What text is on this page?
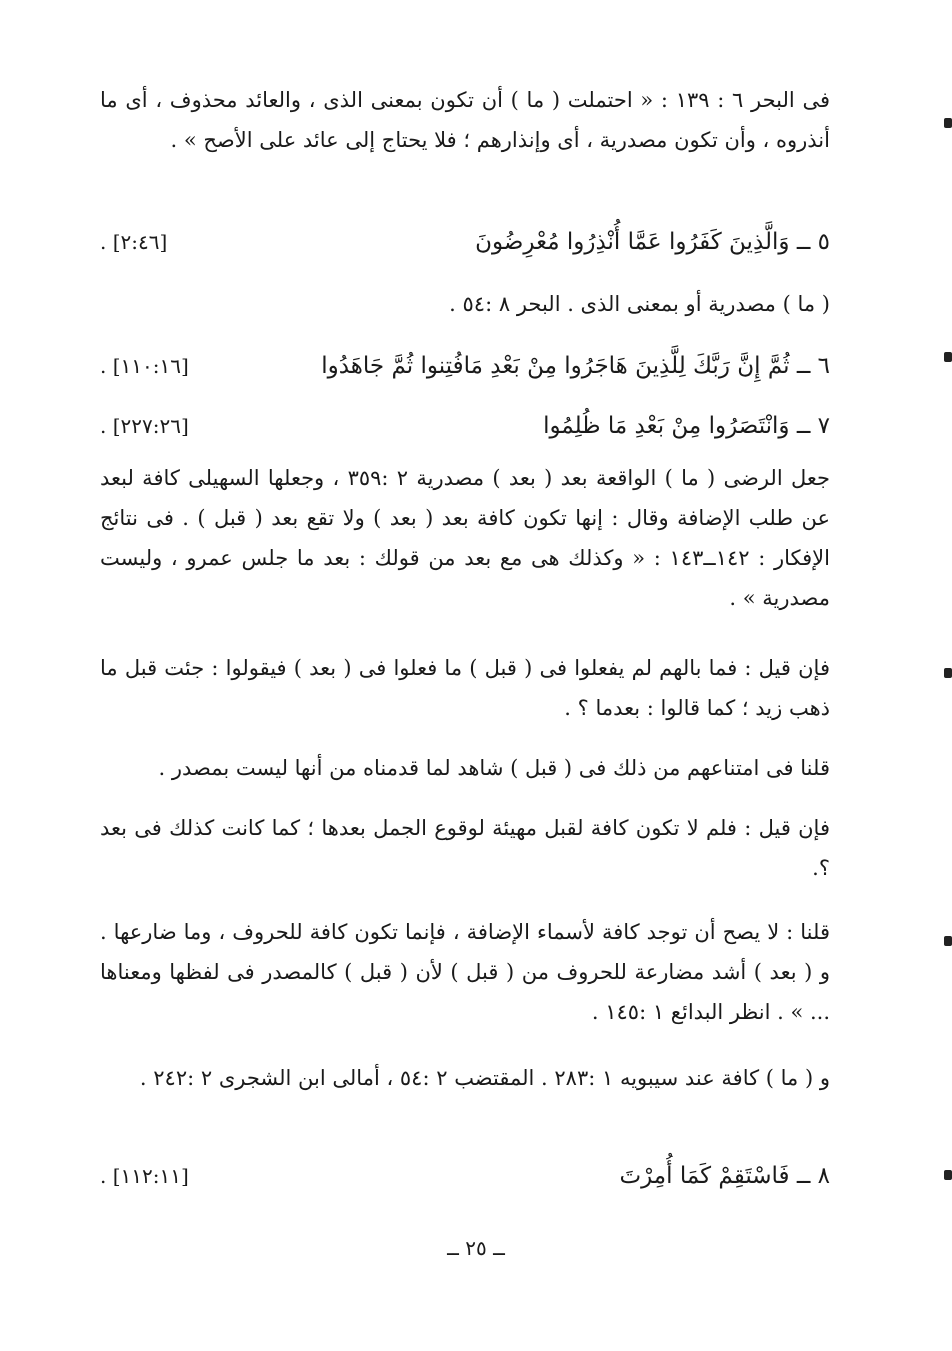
فى البحر ٦ : ١٣٩ : « احتملت ( ما ) أن تكون بمعنى الذى ، والعائد محذوف ، أى ما أنذروه ، وأن تكون مصدرية ، أى وإنذارهم ؛ فلا يحتاج إلى عائد على الأصح » .
٥ ــ وَالَّذِينَ كَفَرُوا عَمَّا أُنْذِرُوا مُعْرِضُونَ
[٢:٤٦] .
( ما ) مصدرية أو بمعنى الذى . البحر ٨ :٥٤ .
٦ ــ ثُمَّ إِنَّ رَبَّكَ لِلَّذِينَ هَاجَرُوا مِنْ بَعْدِ مَافُتِنوا ثُمَّ جَاهَدُوا
[١١٠:١٦] .
٧ ــ وَانْتَصَرُوا مِنْ بَعْدِ مَا ظُلِمُوا
[٢٢٧:٢٦] .
جعل الرضى ( ما ) الواقعة بعد ( بعد ) مصدرية ٢ :٣٥٩ ، وجعلها السهيلى كافة لبعد عن طلب الإضافة وقال : إنها تكون كافة بعد ( بعد ) ولا تقع بعد ( قبل ) . فى نتائج الإفكار : ١٤٢ــ١٤٣ : « وكذلك هى مع بعد من قولك : بعد ما جلس عمرو ، وليست مصدرية » .
فإن قيل : فما بالهم لم يفعلوا فى ( قبل ) ما فعلوا فى ( بعد ) فيقولوا : جئت قبل ما ذهب زيد ؛ كما قالوا : بعدما ؟ .
قلنا فى امتناعهم من ذلك فى ( قبل ) شاهد لما قدمناه من أنها ليست بمصدر .
فإن قيل : فلم لا تكون كافة لقبل مهيئة لوقوع الجمل بعدها ؛ كما كانت كذلك فى بعد ؟.
قلنا : لا يصح أن توجد كافة لأسماء الإضافة ، فإنما تكون كافة للحروف ، وما ضارعها . و ( بعد ) أشد مضارعة للحروف من ( قبل ) لأن ( قبل ) كالمصدر فى لفظها ومعناها ... » . انظر البدائع ١ :١٤٥ .
و ( ما ) كافة عند سيبويه ١ :٢٨٣ . المقتضب ٢ :٥٤ ، أمالى ابن الشجرى ٢ :٢٤٢ .
٨ ــ فَاسْتَقِمْ كَمَا أُمِرْتَ
[١١٢:١١] .
ــ ٢٥ ــ
